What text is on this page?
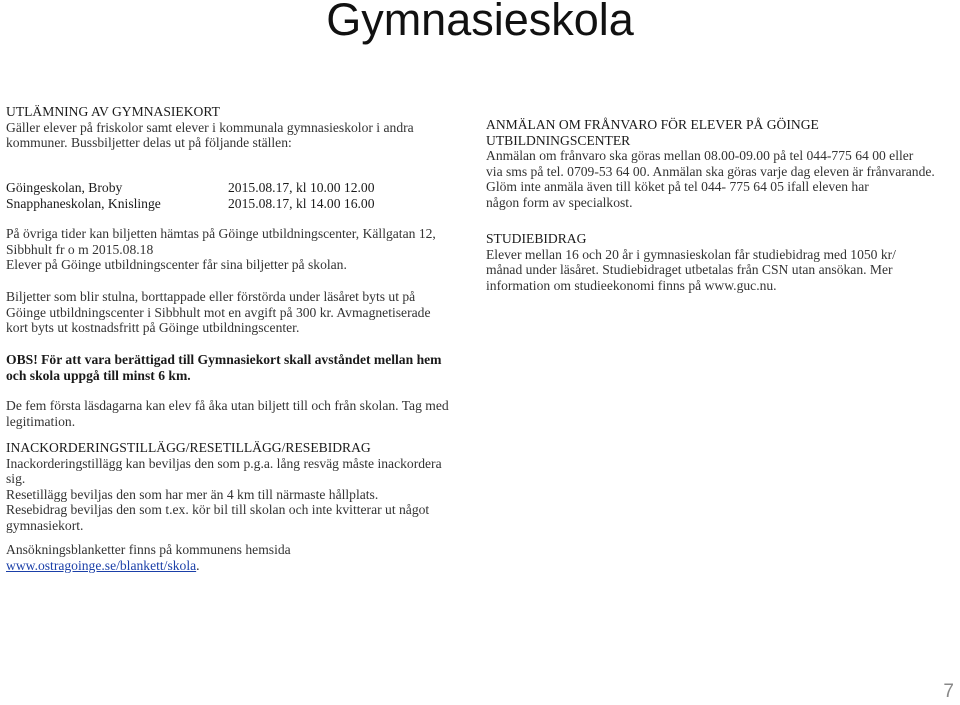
Gymnasieskola

UTLÄMNING AV GYMNASIEKORT

Gäller elever på friskolor samt elever i kommunala gymnasieskolor i andra

kommuner. Bussbiljetter delas ut på följande ställen:

Göingeskolan, Broby	2015.08.17, kl 10.00 12.00
Snapphaneskolan, Knislinge	2015.08.17, kl 14.00 16.00

På övriga tider kan biljetten hämtas på Göinge utbildningscenter, Källgatan 12,

Sibbhult fr o m 2015.08.18

Elever på Göinge utbildningscenter får sina biljetter på skolan.

Biljetter som blir stulna, borttappade eller förstörda under läsåret byts ut på

Göinge utbildningscenter i Sibbhult mot en avgift på 300 kr. Avmagnetiserade

kort byts ut kostnadsfritt på Göinge utbildningscenter.

OBS! För att vara berättigad till Gymnasiekort skall avståndet mellan hem

och skola uppgå till minst 6 km.

De fem första läsdagarna kan elev få åka utan biljett till och från skolan. Tag med

legitimation.

INACKORDERINGSTILLÄGG/RESETILLÄGG/RESEBIDRAG

Inackorderingstillägg kan beviljas den som p.g.a. lång resväg måste inackordera

sig.

Resetillägg beviljas den som har mer än 4 km till närmaste hållplats.

Resebidrag beviljas den som t.ex. kör bil till skolan och inte kvitterar ut något

gymnasiekort.

Ansökningsblanketter finns på kommunens hemsida

www.ostragoinge.se/blankett/skola.

ANMÄLAN OM FRÅNVARO FÖR ELEVER PÅ GÖINGE

UTBILDNINGSCENTER

Anmälan om frånvaro ska göras mellan 08.00-09.00 på tel 044-775 64 00 eller

via sms på tel. 0709-53 64 00. Anmälan ska göras varje dag eleven är frånvarande.

Glöm inte anmäla även till köket på tel 044- 775 64 05 ifall eleven har

någon form av specialkost.

STUDIEBIDRAG

Elever mellan 16 och 20 år i gymnasieskolan får studiebidrag med 1050 kr/

månad under läsåret. Studiebidraget utbetalas från CSN utan ansökan. Mer

information om studieekonomi finns på www.guc.nu.

7
